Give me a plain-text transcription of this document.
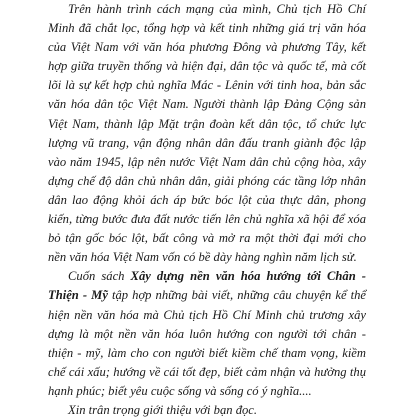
Trên hành trình cách mạng của mình, Chủ tịch Hồ Chí Minh đã chắt lọc, tổng hợp và kết tinh những giá trị văn hóa của Việt Nam với văn hóa phương Đông và phương Tây, kết hợp giữa truyền thống và hiện đại, dân tộc và quốc tế, mà cốt lõi là sự kết hợp chủ nghĩa Mác - Lênin với tinh hoa, bản sắc văn hóa dân tộc Việt Nam. Người thành lập Đảng Cộng sản Việt Nam, thành lập Mặt trận đoàn kết dân tộc, tổ chức lực lượng vũ trang, vận động nhân dân đấu tranh giành độc lập vào năm 1945, lập nên nước Việt Nam dân chủ cộng hòa, xây dựng chế độ dân chủ nhân dân, giải phóng các tầng lớp nhân dân lao động khỏi ách áp bức bóc lột của thực dân, phong kiến, từng bước đưa đất nước tiến lên chủ nghĩa xã hội để xóa bỏ tận gốc bóc lột, bất công và mở ra một thời đại mới cho nền văn hóa Việt Nam vốn có bề dày hàng nghìn năm lịch sử.

Cuốn sách Xây dựng nền văn hóa hướng tới Chân - Thiện - Mỹ tập hợp những bài viết, những câu chuyện kể thể hiện nền văn hóa mà Chủ tịch Hồ Chí Minh chủ trương xây dựng là một nền văn hóa luôn hướng con người tới chân - thiện - mỹ, làm cho con người biết kiềm chế tham vọng, kiềm chế cái xấu; hướng về cái tốt đẹp, biết cảm nhận và hưởng thụ hạnh phúc; biết yêu cuộc sống và sống có ý nghĩa....

Xin trân trọng giới thiệu với bạn đọc.
